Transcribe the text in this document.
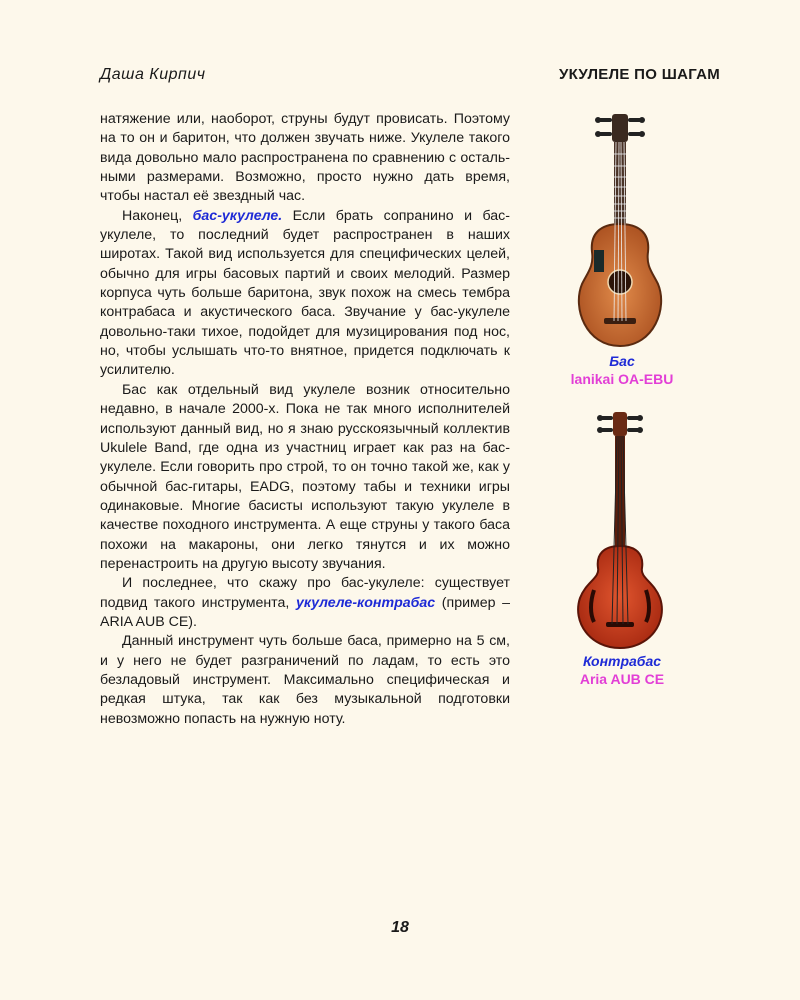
Даша Кирпич	УКУЛЕЛЕ ПО ШАГАМ

натяжение или, наоборот, струны будут провисать. Поэтому на то он и баритон, что должен звучать ниже. Укулеле такого вида довольно мало распространена по сравнению с остальными размерами. Возможно, просто нужно дать время, чтобы настал её звездный час.

Наконец, бас-укулеле. Если брать сопранино и бас-укулеле, то последний будет распространен в наших широтах. Такой вид используется для специфических целей, обычно для игры басовых партий и своих мелодий. Размер корпуса чуть больше баритона, звук похож на смесь тембра контрабаса и акустического баса. Звучание у бас-укулеле довольно-таки тихое, подойдет для музицирования под нос, но, чтобы услышать что-то внятное, придется подключать к усилителю.

Бас как отдельный вид укулеле возник относительно недавно, в начале 2000-х. Пока не так много исполнителей используют данный вид, но я знаю русскоязычный коллектив Ukulele Band, где одна из участниц играет как раз на бас-укулеле. Если говорить про строй, то он точно такой же, как у обычной бас-гитары, EADG, поэтому табы и техники игры одинаковые. Многие басисты используют такую укулеле в качестве походного инструмента. А еще струны у такого баса похожи на макароны, они легко тянутся и их можно перенастроить на другую высоту звучания.

И последнее, что скажу про бас-укулеле: существует подвид такого инструмента, укулеле-контрабас (пример – ARIA AUB CE).

Данный инструмент чуть больше баса, примерно на 5 см, и у него не будет разграничений по ладам, то есть это безладовый инструмент. Максимально специфическая и редкая штука, так как без музыкальной подготовки невозможно попасть на нужную ноту.

Бас
lanikai OA-EBU
Контрабас
Aria AUB CE
18
